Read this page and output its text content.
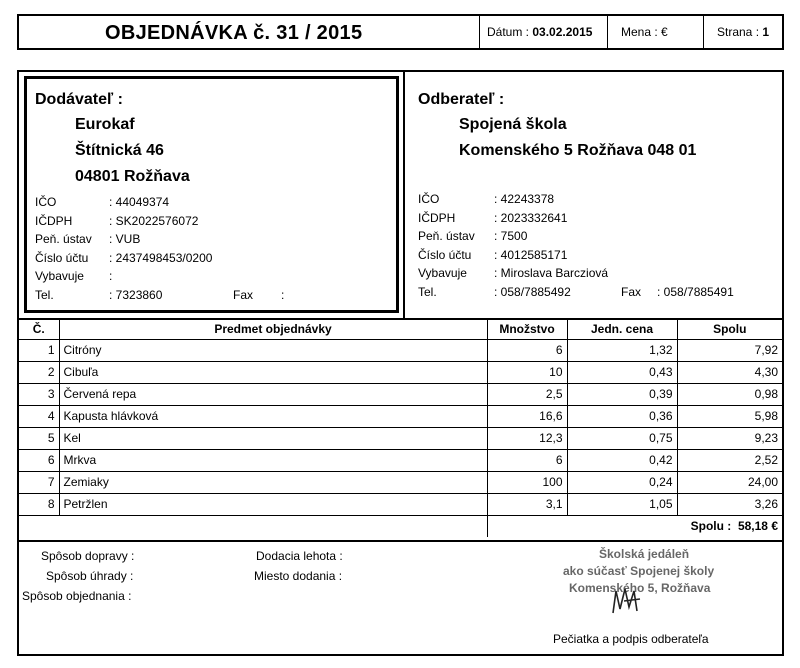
OBJEDNÁVKA č. 31 / 2015	Dátum :
03.02.2015 Mena :
€	Strana :
1
Dodávateľ :
Eurokaf
Štítnická 46
04801 Rožňava
IČO	: 44049374
IČDPH	: SK2022576072
Peň. ústav	: VUB
Číslo účtu	: 2437498453/0200
Vybavuje	:
Tel.	: 7323860	Fax	:
Odberateľ :
Spojená škola
Komenského 5 Rožňava 048 01
IČO	: 42243378
IČDPH	: 2023332641
Peň. ústav	: 7500
Číslo účtu	: 4012585171
Vybavuje	: Miroslava Barcziová
Tel.	: 058/7885492	Fax	: 058/7885491
Č.	Predmet objednávky	Množstvo	Jedn. cena	Spolu
1	Citróny	6	1,32	7,92
2	Cibuľa	10	0,43	4,30
3	Červená repa	2,5	0,39	0,98
4	Kapusta hlávková	16,6	0,36	5,98
5	Kel	12,3	0,75	9,23
6	Mrkva	6	0,42	2,52
7	Zemiaky	100	0,24	24,00
8	Petržlen	3,1	1,05	3,26
		Spolu : 58,18 €		
Spôsob dopravy :
Spôsob úhrady :
Spôsob objednania :
Dodacia lehota :
Miesto dodania :
Školská jedáleň
ako súčasť Spojenej školy
Komenského 5, Rožňava
Pečiatka a podpis odberateľa
